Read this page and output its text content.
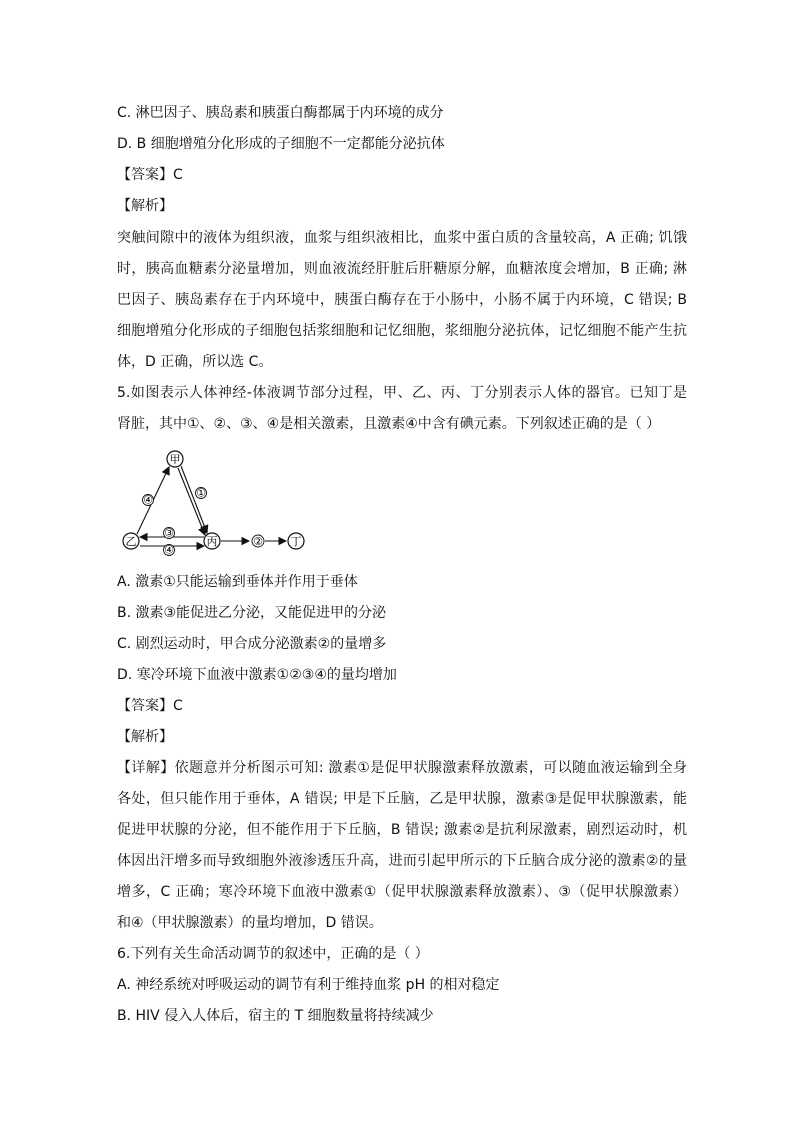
C. 淋巴因子、胰岛素和胰蛋白酶都属于内环境的成分
D. B 细胞增殖分化形成的子细胞不一定都能分泌抗体
【答案】C
【解析】
突触间隙中的液体为组织液，血浆与组织液相比，血浆中蛋白质的含量较高，A 正确; 饥饿
时，胰高血糖素分泌量增加，则血液流经肝脏后肝糖原分解，血糖浓度会增加，B 正确; 淋
巴因子、胰岛素存在于内环境中，胰蛋白酶存在于小肠中，小肠不属于内环境，C 错误; B
细胞增殖分化形成的子细胞包括浆细胞和记忆细胞，浆细胞分泌抗体，记忆细胞不能产生抗
体，D 正确，所以选 C。
5.如图表示人体神经-体液调节部分过程，甲、乙、丙、丁分别表示人体的器官。已知丁是
肾脏，其中①、②、③、④是相关激素，且激素④中含有碘元素。下列叙述正确的是（ ）
甲
乙	丙	丁
④
①
③
④
②
A. 激素①只能运输到垂体并作用于垂体
B. 激素③能促进乙分泌，又能促进甲的分泌
C. 剧烈运动时，甲合成分泌激素②的量增多
D. 寒冷环境下血液中激素①②③④的量均增加
【答案】C
【解析】
【详解】依题意并分析图示可知: 激素①是促甲状腺激素释放激素，可以随血液运输到全身
各处，但只能作用于垂体，A 错误; 甲是下丘脑，乙是甲状腺，激素③是促甲状腺激素，能
促进甲状腺的分泌，但不能作用于下丘脑，B 错误; 激素②是抗利尿激素，剧烈运动时，机
体因出汗增多而导致细胞外液渗透压升高，进而引起甲所示的下丘脑合成分泌的激素②的量
增多，C 正确；寒冷环境下血液中激素①（促甲状腺激素释放激素）、③（促甲状腺激素）
和④（甲状腺激素）的量均增加，D 错误。
6.下列有关生命活动调节的叙述中，正确的是（ ）
A. 神经系统对呼吸运动的调节有利于维持血浆 pH 的相对稳定
B. HIV 侵入人体后，宿主的 T 细胞数量将持续减少
